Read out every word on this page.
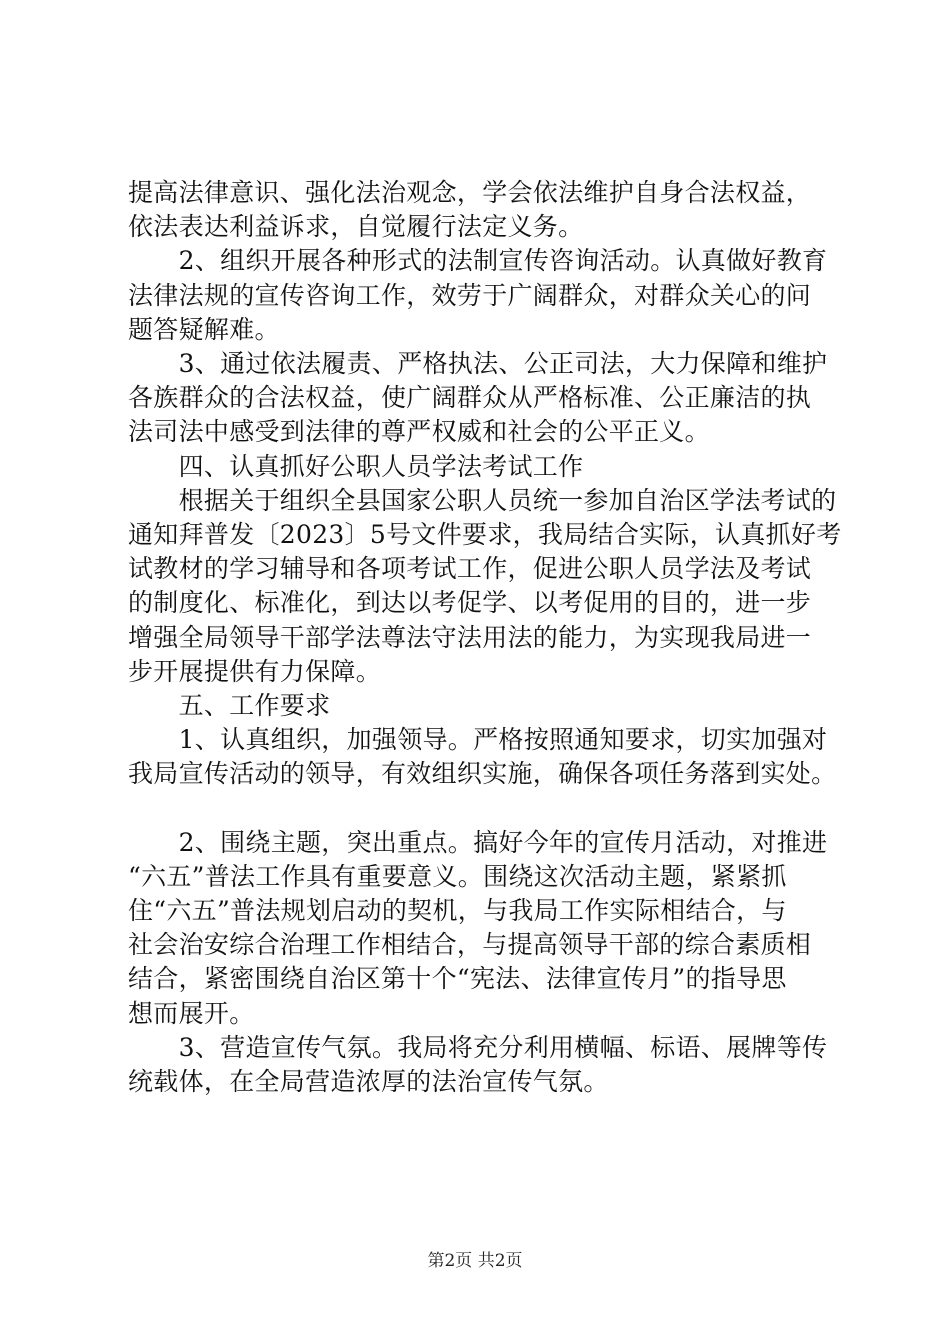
提高法律意识、强化法治观念，学会依法维护自身合法权益，

依法表达利益诉求，自觉履行法定义务。

　　2、组织开展各种形式的法制宣传咨询活动。认真做好教育

法律法规的宣传咨询工作，效劳于广阔群众，对群众关心的问

题答疑解难。

　　3、通过依法履责、严格执法、公正司法，大力保障和维护

各族群众的合法权益，使广阔群众从严格标准、公正廉洁的执

法司法中感受到法律的尊严权威和社会的公平正义。

　　四、认真抓好公职人员学法考试工作

　　根据关于组织全县国家公职人员统一参加自治区学法考试的

通知拜普发〔2023〕5号文件要求，我局结合实际，认真抓好考

试教材的学习辅导和各项考试工作，促进公职人员学法及考试

的制度化、标准化，到达以考促学、以考促用的目的，进一步

增强全局领导干部学法尊法守法用法的能力，为实现我局进一

步开展提供有力保障。

　　五、工作要求

　　1、认真组织，加强领导。严格按照通知要求，切实加强对

我局宣传活动的领导，有效组织实施，确保各项任务落到实处。

　　2、围绕主题，突出重点。搞好今年的宣传月活动，对推进

“六五”普法工作具有重要意义。围绕这次活动主题，紧紧抓

住“六五”普法规划启动的契机，与我局工作实际相结合，与

社会治安综合治理工作相结合，与提高领导干部的综合素质相

结合，紧密围绕自治区第十个“宪法、法律宣传月”的指导思

想而展开。

　　3、营造宣传气氛。我局将充分利用横幅、标语、展牌等传

统载体，在全局营造浓厚的法治宣传气氛。

第2页 共2页
